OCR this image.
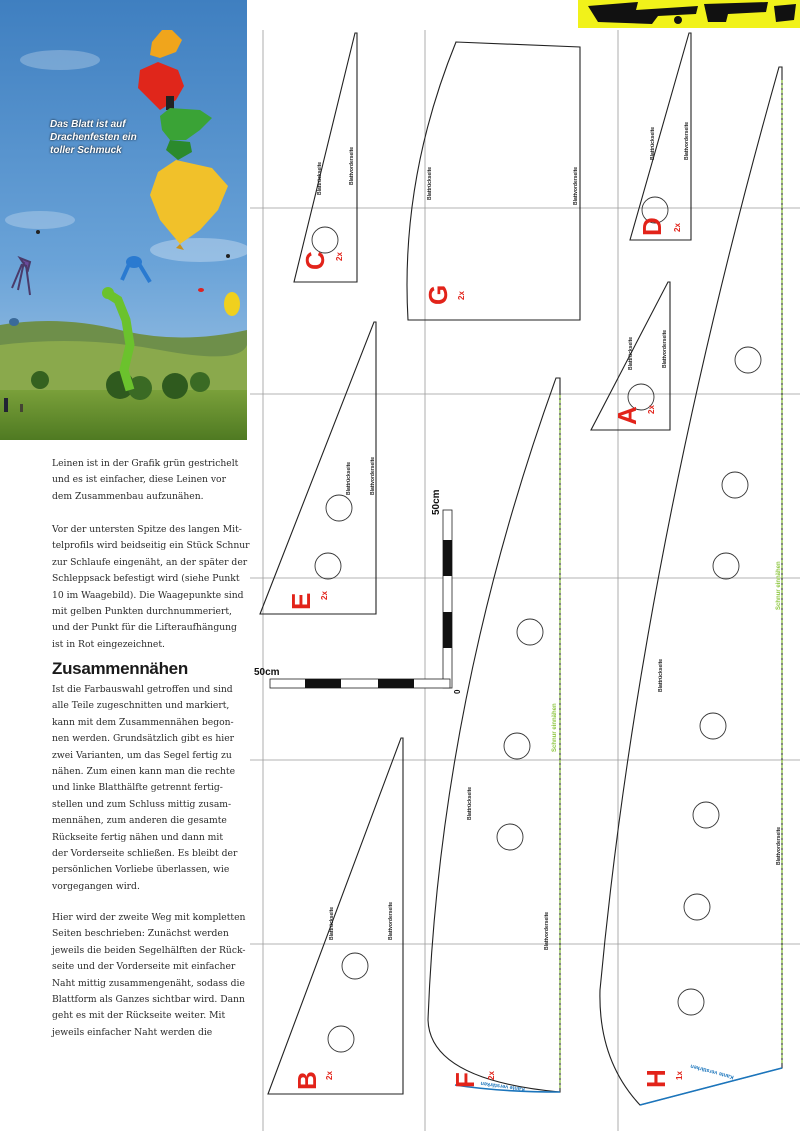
Das Blatt ist auf
Drachenfesten ein
toller Schmuck
Leinen ist in der Grafik grün gestrichelt
und es ist einfacher, diese Leinen vor
dem Zusammenbau aufzunähen.
Vor der untersten Spitze des langen Mit-
telprofils wird beidseitig ein Stück Schnur
zur Schlaufe eingenäht, an der später der
Schleppsack befestigt wird (siehe Punkt
10 im Waagebild). Die Waagepunkte sind
mit gelben Punkten durchnummeriert,
und der Punkt für die Lifteraufhängung
ist in Rot eingezeichnet.
Zusammennähen
Ist die Farbauswahl getroffen und sind
alle Teile zugeschnitten und markiert,
kann mit dem Zusammennähen begon-
nen werden. Grundsätzlich gibt es hier
zwei Varianten, um das Segel fertig zu
nähen. Zum einen kann man die rechte
und linke Blatthälfte getrennt fertig-
stellen und zum Schluss mittig zusam-
mennähen, zum anderen die gesamte
Rückseite fertig nähen und dann mit
der Vorderseite schließen. Es bleibt der
persönlichen Vorliebe überlassen, wie
vorgegangen wird.
Hier wird der zweite Weg mit kompletten
Seiten beschrieben: Zunächst werden
jeweils die beiden Segelhälften der Rück-
seite und der Vorderseite mit einfacher
Naht mittig zusammengenäht, sodass die
Blattform als Ganzes sichtbar wird. Dann
geht es mit der Rückseite weiter. Mit
jeweils einfacher Naht werden die
50cm
50cm
0
Blattrückseite	Blattvorderseite	Blattrückseite	Blattvorderseite
Blattrückseite	Blattvorderseite
Blattrückseite	Blattvorderseite
Blattrückseite	Blattvorderseite
Blattrückseite
Blattvorderseite
Blattrückseite
Blattvorderseite
Blattrückseite	Blattvorderseite
Schnur einnähen
Schnur einnähen
Kante verstärken
Kante verstärken
C 2x
G 2x
D 2x
A 2x
E 2x
B 2x	F 2x	H 1x
